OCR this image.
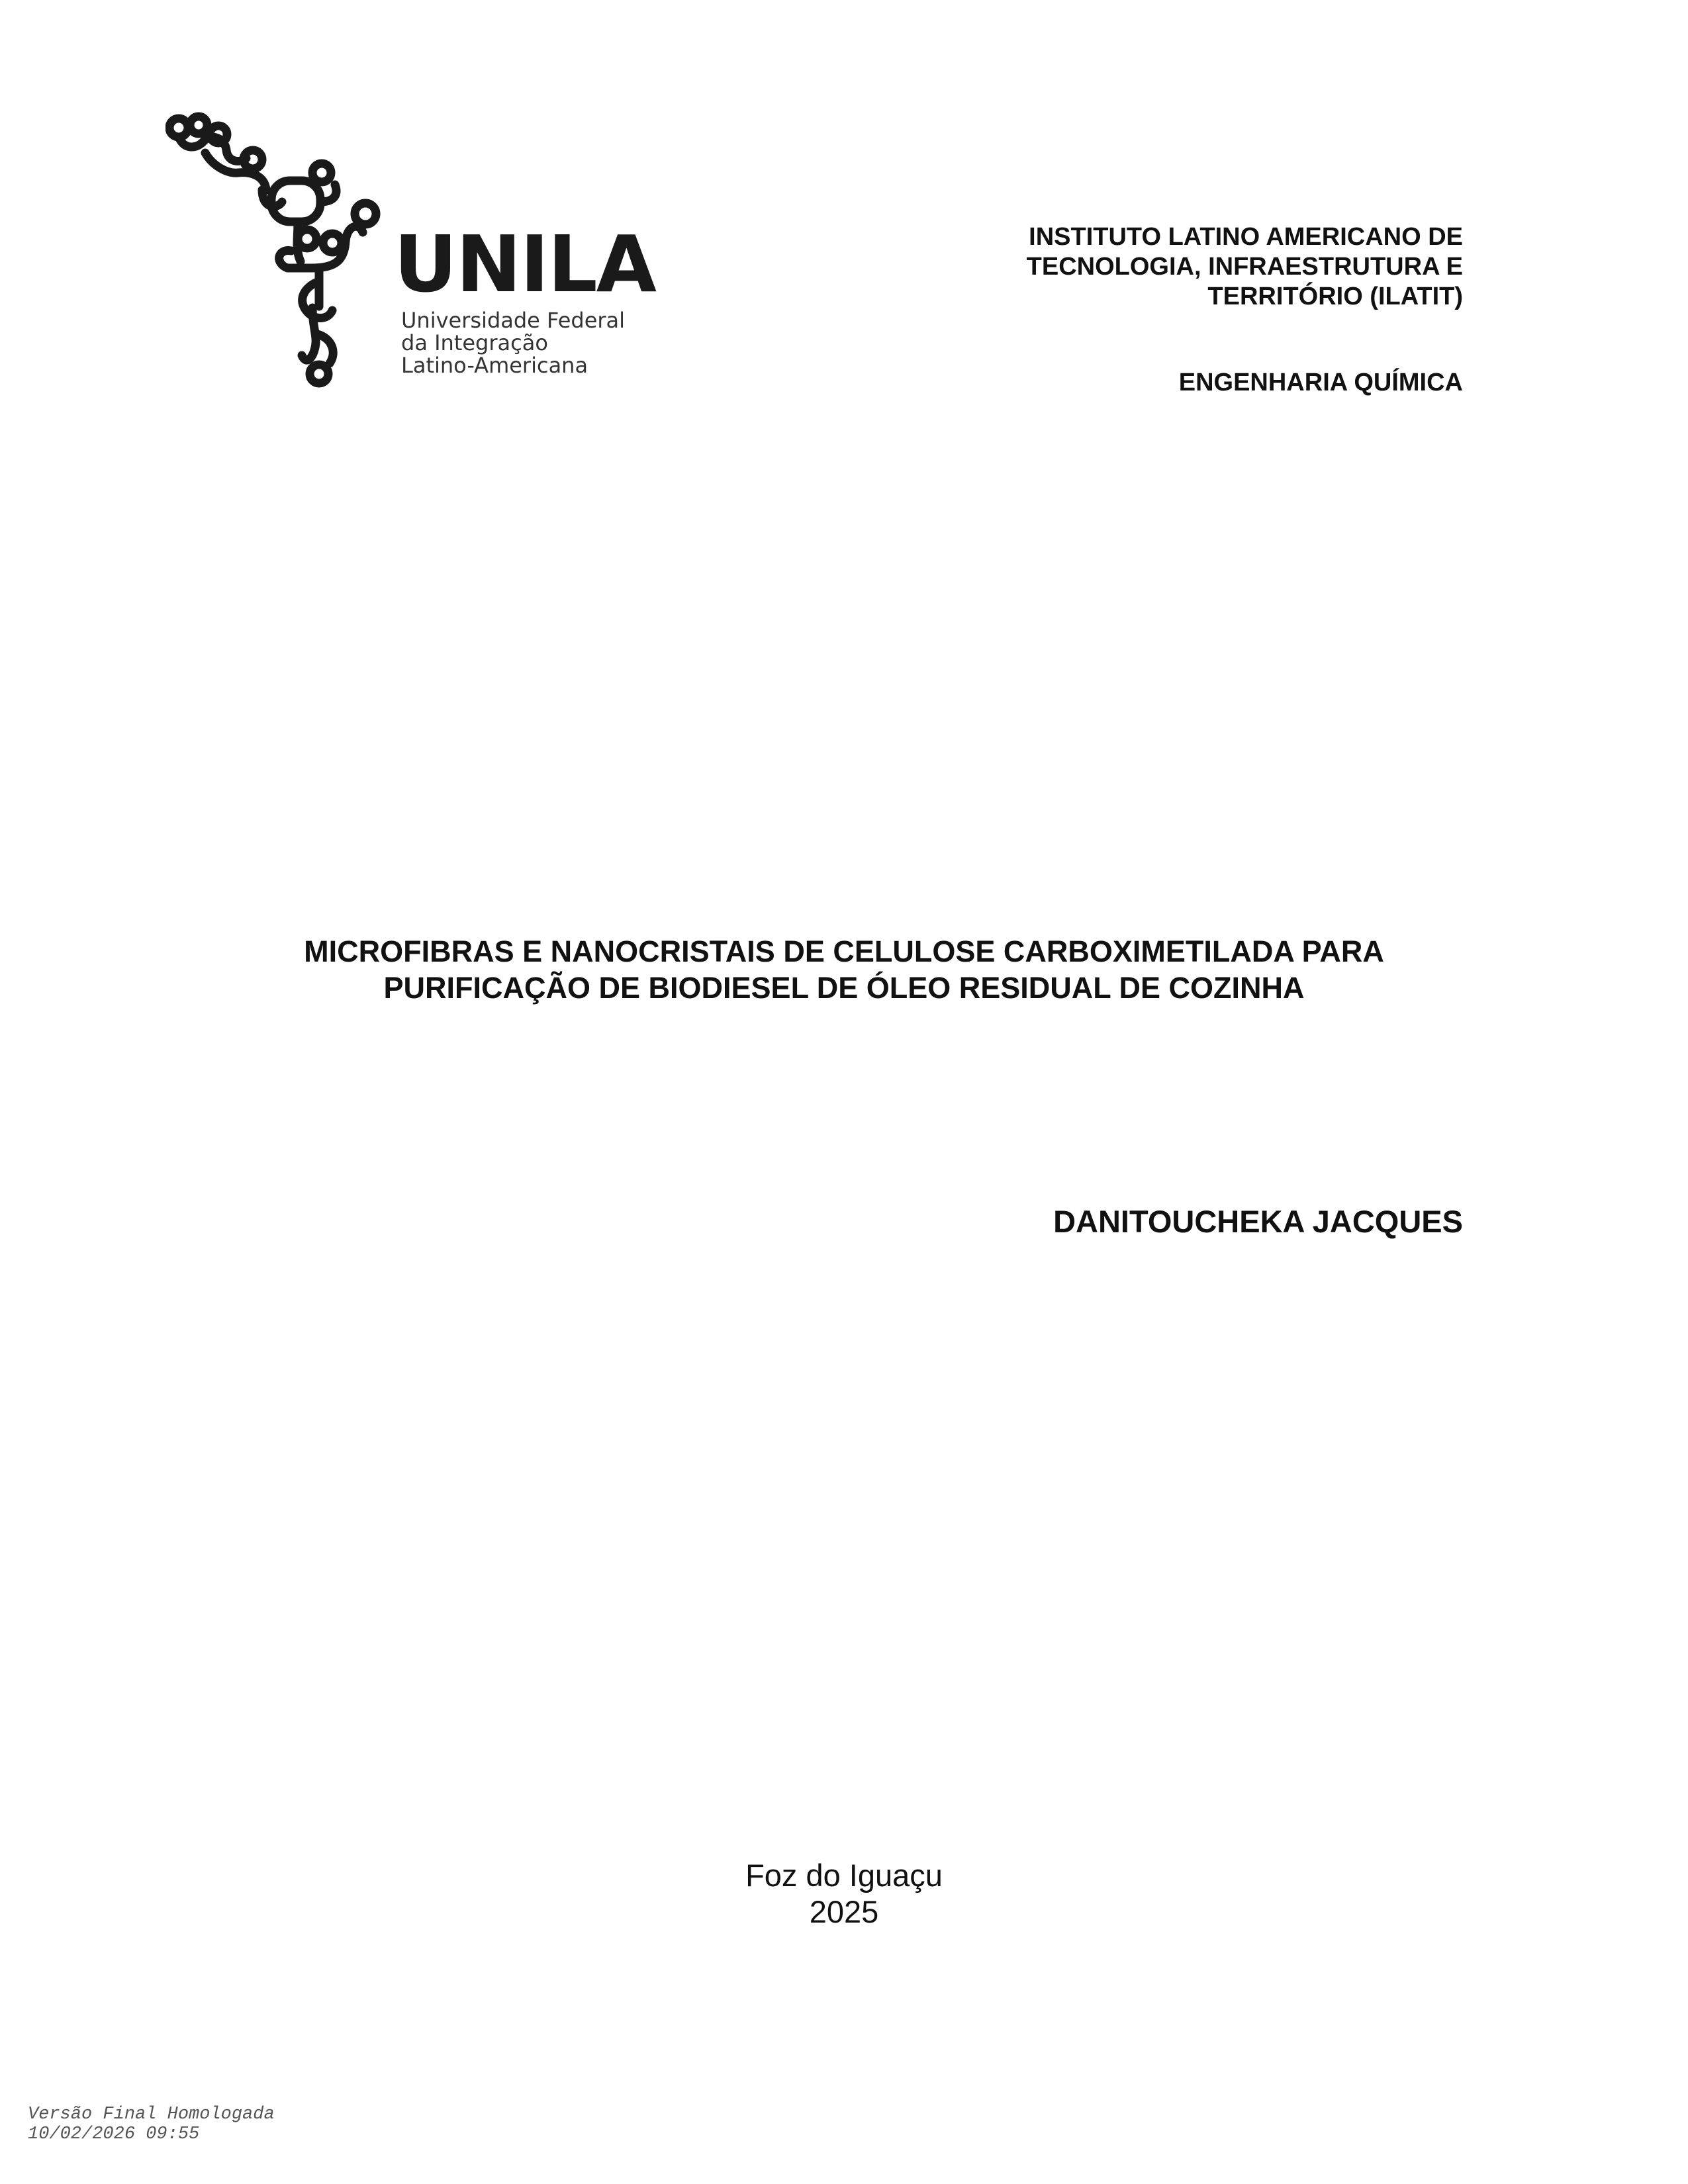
UNILA
Universidade Federal
da Integração
Latino-Americana
INSTITUTO LATINO AMERICANO DE
TECNOLOGIA, INFRAESTRUTURA E
TERRITÓRIO (ILATIT)
ENGENHARIA QUÍMICA
MICROFIBRAS E NANOCRISTAIS DE CELULOSE CARBOXIMETILADA PARA
PURIFICAÇÃO DE BIODIESEL DE ÓLEO RESIDUAL DE COZINHA
DANITOUCHEKA JACQUES
Foz do Iguaçu
2025
Versão Final Homologada
10/02/2026 09:55
